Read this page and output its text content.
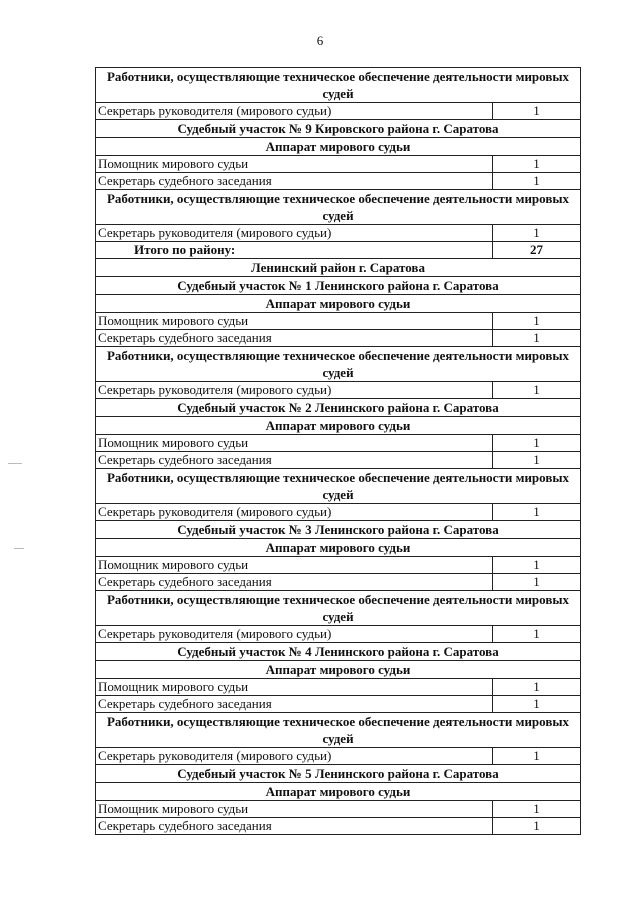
6
Работники, осуществляющие техническое обеспечение деятельности мировых судей	
Секретарь руководителя (мирового судьи)	1
Судебный участок № 9 Кировского района г. Саратова	
Аппарат мирового судьи	
Помощник мирового судьи	1
Секретарь судебного заседания	1
Работники, осуществляющие техническое обеспечение деятельности мировых судей	
Секретарь руководителя (мирового судьи)	1
Итого по району:	27
Ленинский район г. Саратова	
Судебный участок № 1 Ленинского района г. Саратова	
Аппарат мирового судьи	
Помощник мирового судьи	1
Секретарь судебного заседания	1
Работники, осуществляющие техническое обеспечение деятельности мировых судей	
Секретарь руководителя (мирового судьи)	1
Судебный участок № 2 Ленинского района г. Саратова	
Аппарат мирового судьи	
Помощник мирового судьи	1
Секретарь судебного заседания	1
Работники, осуществляющие техническое обеспечение деятельности мировых судей	
Секретарь руководителя (мирового судьи)	1
Судебный участок № 3 Ленинского района г. Саратова	
Аппарат мирового судьи	
Помощник мирового судьи	1
Секретарь судебного заседания	1
Работники, осуществляющие техническое обеспечение деятельности мировых судей	
Секретарь руководителя (мирового судьи)	1
Судебный участок № 4 Ленинского района г. Саратова	
Аппарат мирового судьи	
Помощник мирового судьи	1
Секретарь судебного заседания	1
Работники, осуществляющие техническое обеспечение деятельности мировых судей	
Секретарь руководителя (мирового судьи)	1
Судебный участок № 5 Ленинского района г. Саратова	
Аппарат мирового судьи	
Помощник мирового судьи	1
Секретарь судебного заседания	1
